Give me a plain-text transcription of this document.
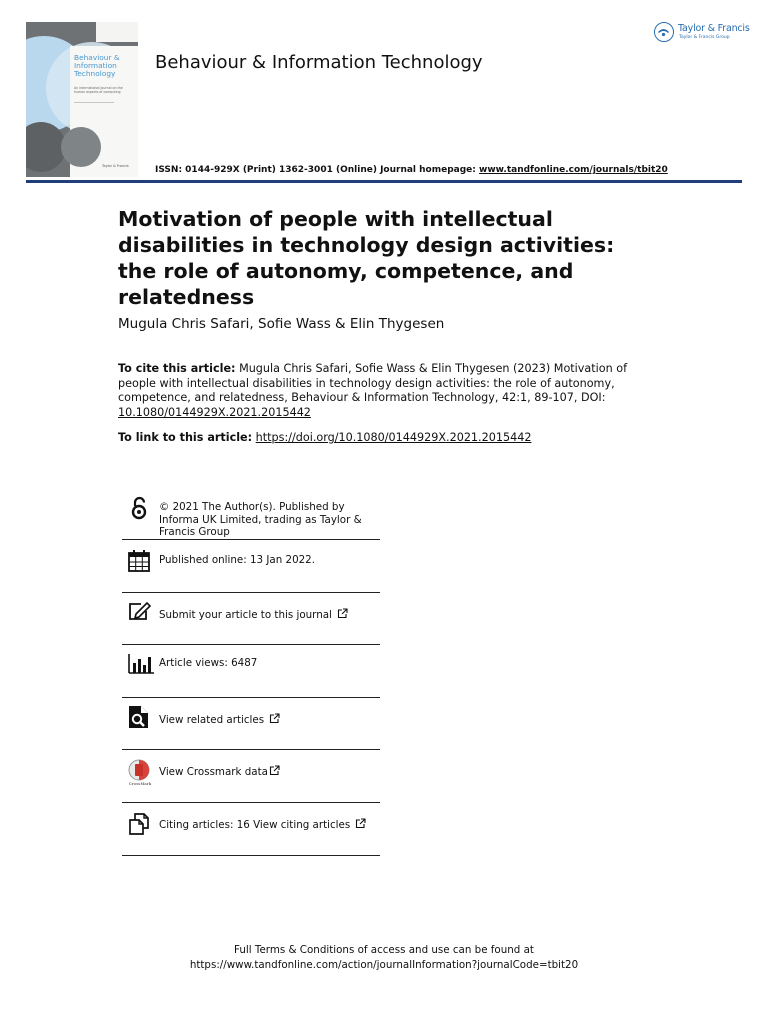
Behaviour &
Information
Technology
An international journal on the human aspects of computing
Taylor & Francis
Behaviour & Information Technology
Taylor & Francis
Taylor & Francis Group
ISSN: 0144-929X (Print) 1362-3001 (Online) Journal homepage: www.tandfonline.com/journals/tbit20
Motivation of people with intellectual disabilities in technology design activities: the role of autonomy, competence, and relatedness
Mugula Chris Safari, Sofie Wass & Elin Thygesen
To cite this article: Mugula Chris Safari, Sofie Wass & Elin Thygesen (2023) Motivation of people with intellectual disabilities in technology design activities: the role of autonomy, competence, and relatedness, Behaviour & Information Technology, 42:1, 89-107, DOI: 10.1080/0144929X.2021.2015442
To link to this article: https://doi.org/10.1080/0144929X.2021.2015442
© 2021 The Author(s). Published by Informa UK Limited, trading as Taylor & Francis Group
Published online: 13 Jan 2022.
Submit your article to this journal
Article views: 6487
View related articles
CrossMark
View Crossmark data
Citing articles: 16 View citing articles
Full Terms & Conditions of access and use can be found at
https://www.tandfonline.com/action/journalInformation?journalCode=tbit20
